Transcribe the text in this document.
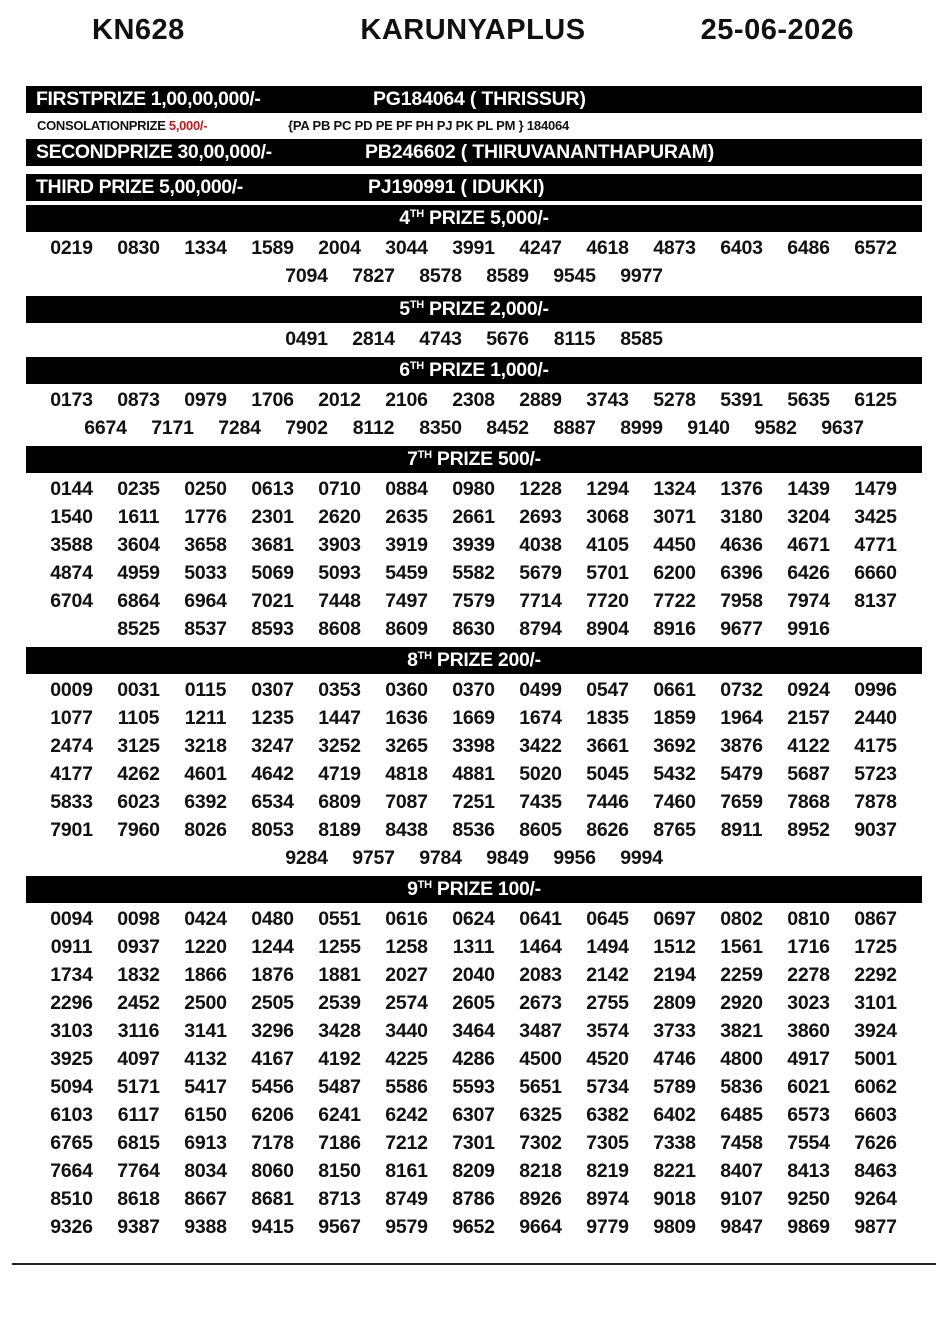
KARUNYAPLUS
KN628	25-06-2026
FIRSTPRIZE 1,00,00,000/-	PG184064 ( THRISSUR)
CONSOLATIONPRIZE 5,000/-	{PA PB PC PD PE PF PH PJ PK PL PM } 184064
SECONDPRIZE 30,00,000/-	PB246602 ( THIRUVANANTHAPURAM)
THIRD PRIZE 5,00,000/-	PJ190991 ( IDUKKI)
4TH PRIZE 5,000/-
0219	0830	1334	1589	2004	3044	3991	4247	4618	4873	6403	6486	6572
7094 7827 8578 8589 9545 9977
5TH PRIZE 2,000/-
0491 2814 4743 5676 8115 8585
6TH PRIZE 1,000/-
0173	0873	0979	1706	2012	2106	2308	2889	3743	5278	5391	5635	6125
6674 7171 7284 7902 8112 8350 8452 8887 8999 9140 9582 9637
7TH PRIZE 500/-
0144	0235	0250	0613	0710	0884	0980	1228	1294	1324	1376	1439	1479
1540	1611	1776	2301	2620	2635	2661	2693	3068	3071	3180	3204	3425
3588	3604	3658	3681	3903	3919	3939	4038	4105	4450	4636	4671	4771
4874	4959	5033	5069	5093	5459	5582	5679	5701	6200	6396	6426	6660
6704	6864	6964	7021	7448	7497	7579	7714	7720	7722	7958	7974	8137
8525 8537 8593 8608 8609 8630 8794 8904 8916 9677 9916
8TH PRIZE 200/-
0009	0031	0115	0307	0353	0360	0370	0499	0547	0661	0732	0924	0996
1077	1105	1211	1235	1447	1636	1669	1674	1835	1859	1964	2157	2440
2474	3125	3218	3247	3252	3265	3398	3422	3661	3692	3876	4122	4175
4177	4262	4601	4642	4719	4818	4881	5020	5045	5432	5479	5687	5723
5833	6023	6392	6534	6809	7087	7251	7435	7446	7460	7659	7868	7878
7901	7960	8026	8053	8189	8438	8536	8605	8626	8765	8911	8952	9037
9284 9757 9784 9849 9956 9994
9TH PRIZE 100/-
0094	0098	0424	0480	0551	0616	0624	0641	0645	0697	0802	0810	0867
0911	0937	1220	1244	1255	1258	1311	1464	1494	1512	1561	1716	1725
1734	1832	1866	1876	1881	2027	2040	2083	2142	2194	2259	2278	2292
2296	2452	2500	2505	2539	2574	2605	2673	2755	2809	2920	3023	3101
3103	3116	3141	3296	3428	3440	3464	3487	3574	3733	3821	3860	3924
3925	4097	4132	4167	4192	4225	4286	4500	4520	4746	4800	4917	5001
5094	5171	5417	5456	5487	5586	5593	5651	5734	5789	5836	6021	6062
6103	6117	6150	6206	6241	6242	6307	6325	6382	6402	6485	6573	6603
6765	6815	6913	7178	7186	7212	7301	7302	7305	7338	7458	7554	7626
7664	7764	8034	8060	8150	8161	8209	8218	8219	8221	8407	8413	8463
8510	8618	8667	8681	8713	8749	8786	8926	8974	9018	9107	9250	9264
9326	9387	9388	9415	9567	9579	9652	9664	9779	9809	9847	9869	9877
